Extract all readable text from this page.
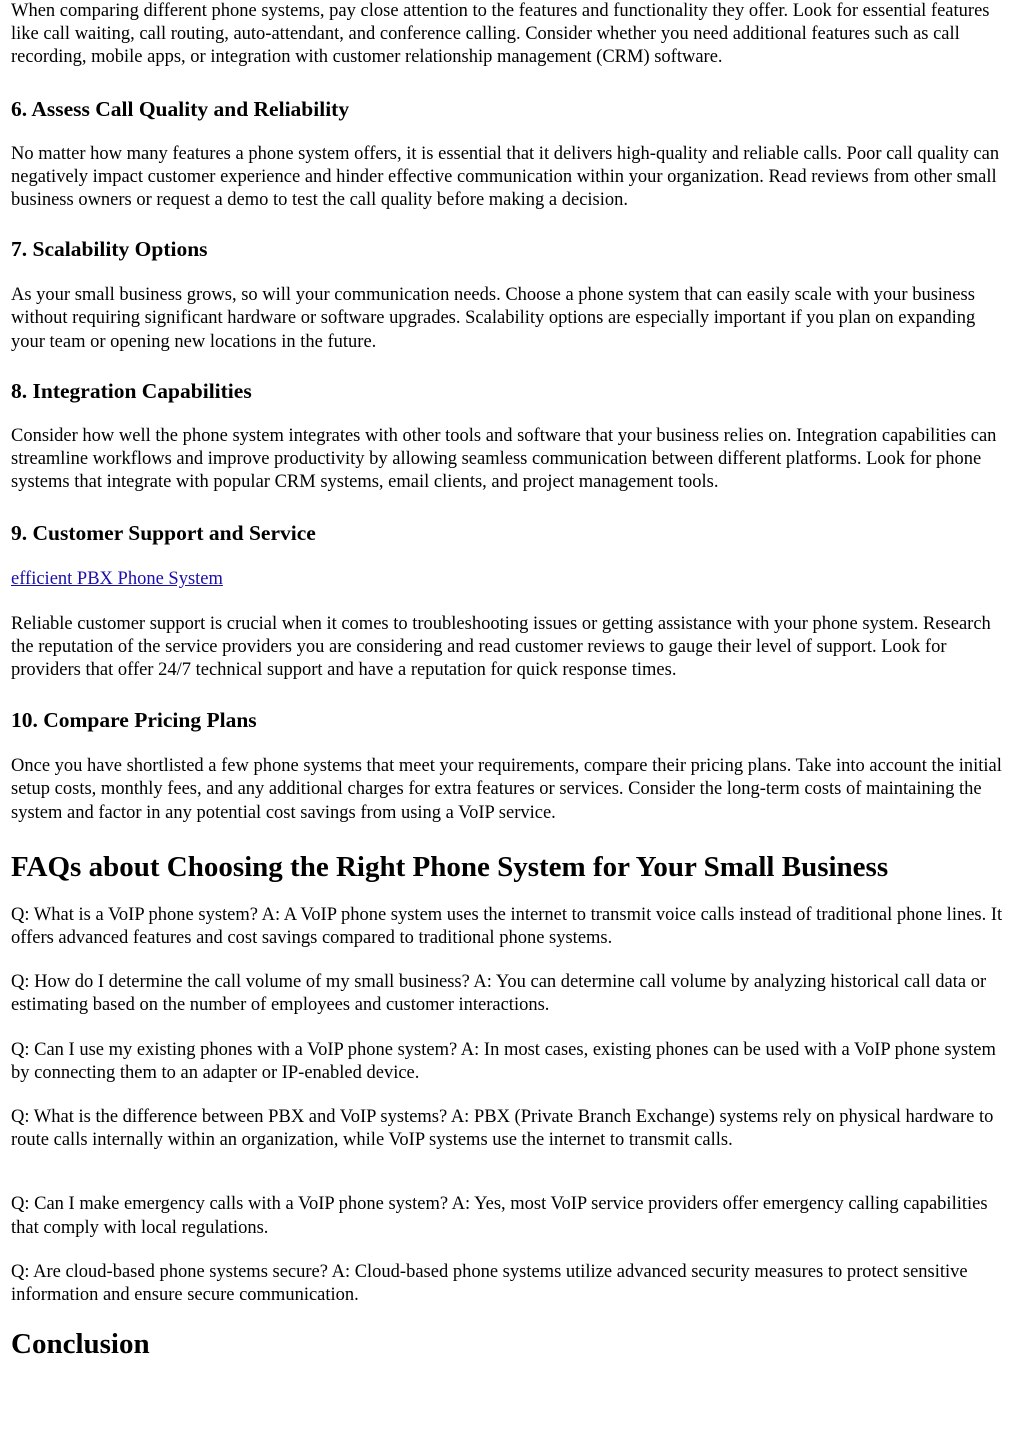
When comparing different phone systems, pay close attention to the features and functionality they offer. Look for essential features like call waiting, call routing, auto-attendant, and conference calling. Consider whether you need additional features such as call recording, mobile apps, or integration with customer relationship management (CRM) software.

6. Assess Call Quality and Reliability

No matter how many features a phone system offers, it is essential that it delivers high-quality and reliable calls. Poor call quality can negatively impact customer experience and hinder effective communication within your organization. Read reviews from other small business owners or request a demo to test the call quality before making a decision.

7. Scalability Options

As your small business grows, so will your communication needs. Choose a phone system that can easily scale with your business without requiring significant hardware or software upgrades. Scalability options are especially important if you plan on expanding your team or opening new locations in the future.

8. Integration Capabilities

Consider how well the phone system integrates with other tools and software that your business relies on. Integration capabilities can streamline workflows and improve productivity by allowing seamless communication between different platforms. Look for phone systems that integrate with popular CRM systems, email clients, and project management tools.

9. Customer Support and Service

efficient PBX Phone System

Reliable customer support is crucial when it comes to troubleshooting issues or getting assistance with your phone system. Research the reputation of the service providers you are considering and read customer reviews to gauge their level of support. Look for providers that offer 24/7 technical support and have a reputation for quick response times.

10. Compare Pricing Plans

Once you have shortlisted a few phone systems that meet your requirements, compare their pricing plans. Take into account the initial setup costs, monthly fees, and any additional charges for extra features or services. Consider the long-term costs of maintaining the system and factor in any potential cost savings from using a VoIP service.

FAQs about Choosing the Right Phone System for Your Small Business

Q: What is a VoIP phone system? A: A VoIP phone system uses the internet to transmit voice calls instead of traditional phone lines. It offers advanced features and cost savings compared to traditional phone systems.

Q: How do I determine the call volume of my small business? A: You can determine call volume by analyzing historical call data or estimating based on the number of employees and customer interactions.

Q: Can I use my existing phones with a VoIP phone system? A: In most cases, existing phones can be used with a VoIP phone system by connecting them to an adapter or IP-enabled device.

Q: What is the difference between PBX and VoIP systems? A: PBX (Private Branch Exchange) systems rely on physical hardware to route calls internally within an organization, while VoIP systems use the internet to transmit calls.

Q: Can I make emergency calls with a VoIP phone system? A: Yes, most VoIP service providers offer emergency calling capabilities that comply with local regulations.

Q: Are cloud-based phone systems secure? A: Cloud-based phone systems utilize advanced security measures to protect sensitive information and ensure secure communication.

Conclusion
